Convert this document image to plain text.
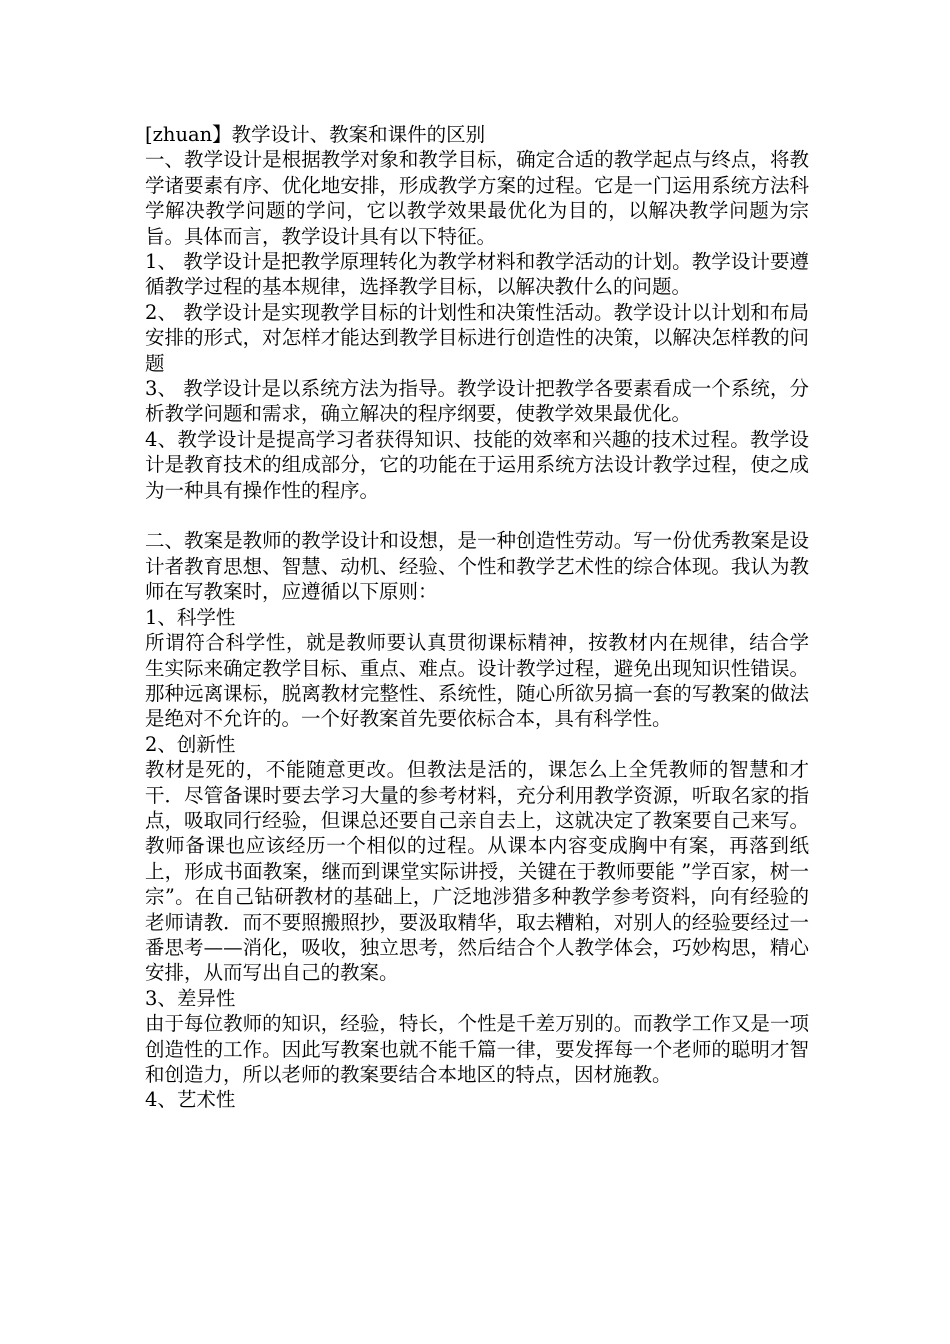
[zhuan】教学设计、教案和课件的区别

一、教学设计是根据教学对象和教学目标，确定合适的教学起点与终点，将教学诸要素有序、优化地安排，形成教学方案的过程。它是一门运用系统方法科学解决教学问题的学问，它以教学效果最优化为目的，以解决教学问题为宗旨。具体而言，教学设计具有以下特征。

1、 教学设计是把教学原理转化为教学材料和教学活动的计划。教学设计要遵循教学过程的基本规律，选择教学目标，以解决教什么的问题。

2、 教学设计是实现教学目标的计划性和决策性活动。教学设计以计划和布局安排的形式，对怎样才能达到教学目标进行创造性的决策，以解决怎样教的问题

3、 教学设计是以系统方法为指导。教学设计把教学各要素看成一个系统，分析教学问题和需求，确立解决的程序纲要，使教学效果最优化。

4、教学设计是提高学习者获得知识、技能的效率和兴趣的技术过程。教学设计是教育技术的组成部分，它的功能在于运用系统方法设计教学过程，使之成为一种具有操作性的程序。

二、教案是教师的教学设计和设想，是一种创造性劳动。写一份优秀教案是设计者教育思想、智慧、动机、经验、个性和教学艺术性的综合体现。我认为教师在写教案时，应遵循以下原则：

1、科学性

所谓符合科学性，就是教师要认真贯彻课标精神，按教材内在规律，结合学 生实际来确定教学目标、重点、难点。设计教学过程，避免出现知识性错误。那种远离课标，脱离教材完整性、系统性，随心所欲另搞一套的写教案的做法是绝对不允许的。一个好教案首先要依标合本，具有科学性。

2、创新性

教材是死的，不能随意更改。但教法是活的，课怎么上全凭教师的智慧和才干．尽管备课时要去学习大量的参考材料，充分利用教学资源，听取名家的指点，吸取同行经验，但课总还要自己亲自去上，这就决定了教案要自己来写。教师备课也应该经历一个相似的过程。从课本内容变成胸中有案，再落到纸上，形成书面教案，继而到课堂实际讲授，关键在于教师要能 ”学百家，树一宗”。在自己钻研教材的基础上，广泛地涉猎多种教学参考资料，向有经验的老师请教．而不要照搬照抄，要汲取精华，取去糟粕，对别人的经验要经过一番思考——消化，吸收，独立思考，然后结合个人教学体会，巧妙构思，精心安排，从而写出自己的教案。

3、差异性

由于每位教师的知识，经验，特长，个性是千差万别的。而教学工作又是一项创造性的工作。因此写教案也就不能千篇一律，要发挥每一个老师的聪明才智和创造力，所以老师的教案要结合本地区的特点，因材施教。

4、艺术性
